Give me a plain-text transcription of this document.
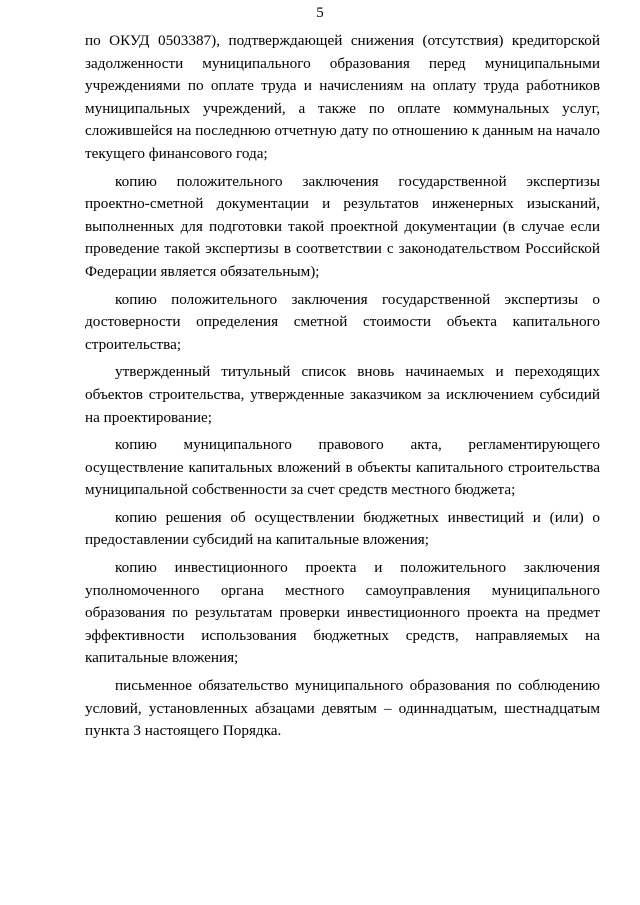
5

по ОКУД 0503387), подтверждающей снижения (отсутствия) кредиторской задолженности муниципального образования перед муниципальными учреждениями по оплате труда и начислениям на оплату труда работников муниципальных учреждений, а также по оплате коммунальных услуг, сложившейся на последнюю отчетную дату по отношению к данным на начало текущего финансового года;

копию положительного заключения государственной экспертизы проектно-сметной документации и результатов инженерных изысканий, выполненных для подготовки такой проектной документации (в случае если проведение такой экспертизы в соответствии с законодательством Российской Федерации является обязательным);

копию положительного заключения государственной экспертизы о достоверности определения сметной стоимости объекта капитального строительства;

утвержденный титульный список вновь начинаемых и переходящих объектов строительства, утвержденные заказчиком за исключением субсидий на проектирование;

копию муниципального правового акта, регламентирующего осуществление капитальных вложений в объекты капитального строительства муниципальной собственности за счет средств местного бюджета;

копию решения об осуществлении бюджетных инвестиций и (или) о предоставлении субсидий на капитальные вложения;

копию инвестиционного проекта и положительного заключения уполномоченного органа местного самоуправления муниципального образования по результатам проверки инвестиционного проекта на предмет эффективности использования бюджетных средств, направляемых на капитальные вложения;

письменное обязательство муниципального образования по соблюдению условий, установленных абзацами девятым – одиннадцатым, шестнадцатым пункта 3 настоящего Порядка.
